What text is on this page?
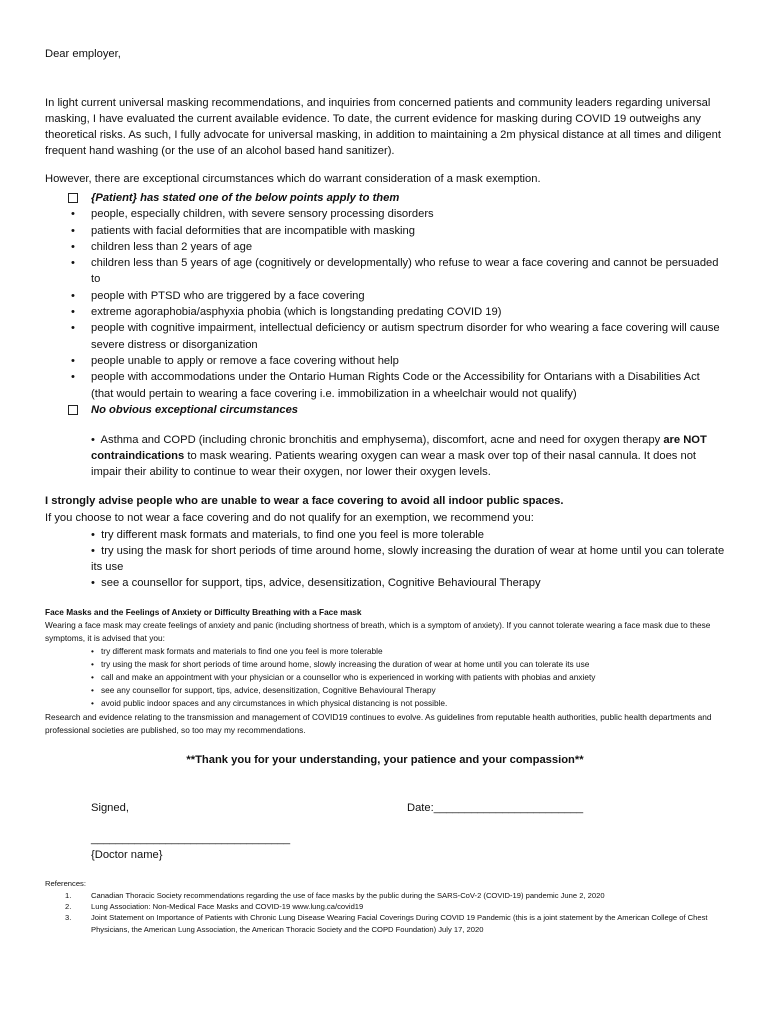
Dear employer,
In light current universal masking recommendations, and inquiries from concerned patients and community leaders regarding universal masking, I have evaluated the current available evidence. To date, the current evidence for masking during COVID 19 outweighs any theoretical risks. As such, I fully advocate for universal masking, in addition to maintaining a 2m physical distance at all times and diligent frequent hand washing (or the use of an alcohol based hand sanitizer).
However, there are exceptional circumstances which do warrant consideration of a mask exemption.
{Patient} has stated one of the below points apply to them
•	people, especially children, with severe sensory processing disorders
•	patients with facial deformities that are incompatible with masking
•	children less than 2 years of age
•	children less than 5 years of age (cognitively or developmentally) who refuse to wear a face covering and cannot be persuaded to
•	people with PTSD who are triggered by a face covering
•	extreme agoraphobia/asphyxia phobia (which is longstanding predating COVID 19)
•	people with cognitive impairment, intellectual deficiency or autism spectrum disorder for who wearing a face covering will cause severe distress or disorganization
•	people unable to apply or remove a face covering without help
•	people with accommodations under the Ontario Human Rights Code or the Accessibility for Ontarians with a Disabilities Act (that would pertain to wearing a face covering i.e. immobilization in a wheelchair would not qualify)
No obvious exceptional circumstances
• Asthma and COPD (including chronic bronchitis and emphysema), discomfort, acne and need for oxygen therapy are NOT contraindications to mask wearing. Patients wearing oxygen can wear a mask over top of their nasal cannula. It does not impair their ability to continue to wear their oxygen, nor lower their oxygen levels.
I strongly advise people who are unable to wear a face covering to avoid all indoor public spaces.
If you choose to not wear a face covering and do not qualify for an exemption, we recommend you:
• try different mask formats and materials, to find one you feel is more tolerable
• try using the mask for short periods of time around home, slowly increasing the duration of wear at home until you can tolerate its use
• see a counsellor for support, tips, advice, desensitization, Cognitive Behavioural Therapy
Face Masks and the Feelings of Anxiety or Difficulty Breathing with a Face mask
Wearing a face mask may create feelings of anxiety and panic (including shortness of breath, which is a symptom of anxiety). If you cannot tolerate wearing a face mask due to these symptoms, it is advised that you:
• try different mask formats and materials to find one you feel is more tolerable
• try using the mask for short periods of time around home, slowly increasing the duration of wear at home until you can tolerate its use
• call and make an appointment with your physician or a counsellor who is experienced in working with patients with phobias and anxiety
• see any counsellor for support, tips, advice, desensitization, Cognitive Behavioural Therapy
• avoid public indoor spaces and any circumstances in which physical distancing is not possible.
Research and evidence relating to the transmission and management of COVID19 continues to evolve. As guidelines from reputable health authorities, public health departments and professional societies are published, so too may my recommendations.
**Thank you for your understanding, your patience and your compassion**
Signed,	Date:________________________
________________________________
{Doctor name}
References:
1.	Canadian Thoracic Society recommendations regarding the use of face masks by the public during the SARS-CoV-2 (COVID-19) pandemic June 2, 2020
2.	Lung Association: Non-Medical Face Masks and COVID-19 www.lung.ca/covid19
3.	Joint Statement on Importance of Patients with Chronic Lung Disease Wearing Facial Coverings During COVID 19 Pandemic (this is a joint statement by the American College of Chest Physicians, the American Lung Association, the American Thoracic Society and the COPD Foundation) July 17, 2020
